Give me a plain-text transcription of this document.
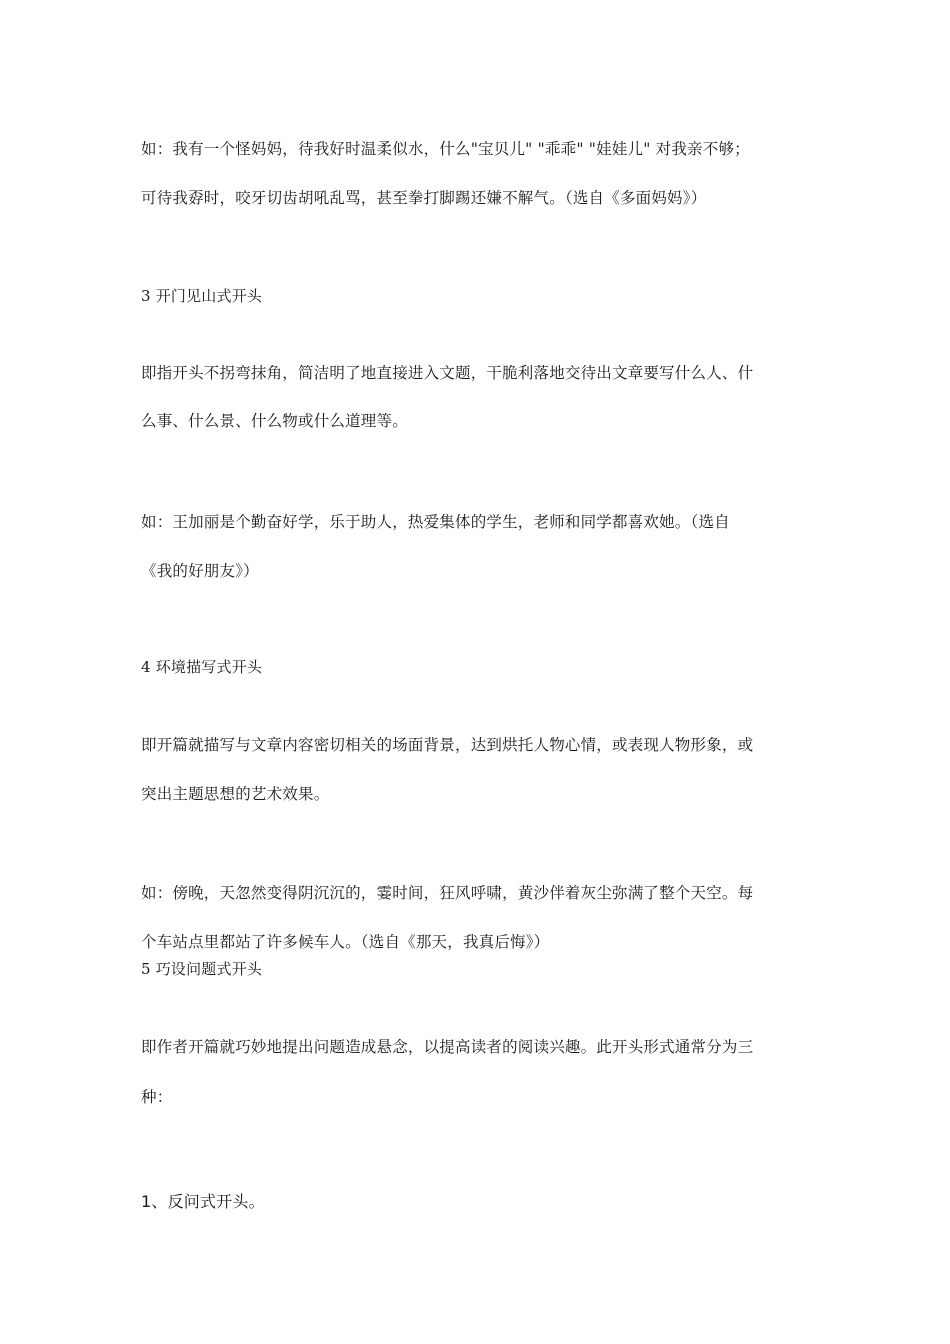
如：我有一个怪妈妈，待我好时温柔似水，什么"宝贝儿" "乖乖" "娃娃儿" 对我亲不够；
可待我孬时，咬牙切齿胡吼乱骂，甚至拳打脚踢还嫌不解气。（选自《多面妈妈》）
3 开门见山式开头
即指开头不拐弯抹角，简洁明了地直接进入文题，干脆利落地交待出文章要写什么人、什
么事、什么景、什么物或什么道理等。
如：王加丽是个勤奋好学，乐于助人，热爱集体的学生，老师和同学都喜欢她。（选自
《我的好朋友》）
4 环境描写式开头
即开篇就描写与文章内容密切相关的场面背景，达到烘托人物心情，或表现人物形象，或
突出主题思想的艺术效果。
如：傍晚，天忽然变得阴沉沉的，霎时间，狂风呼啸，黄沙伴着灰尘弥满了整个天空。每
个车站点里都站了许多候车人。（选自《那天，我真后悔》）
5 巧设问题式开头
即作者开篇就巧妙地提出问题造成悬念，以提高读者的阅读兴趣。此开头形式通常分为三
种：
1、反问式开头。
